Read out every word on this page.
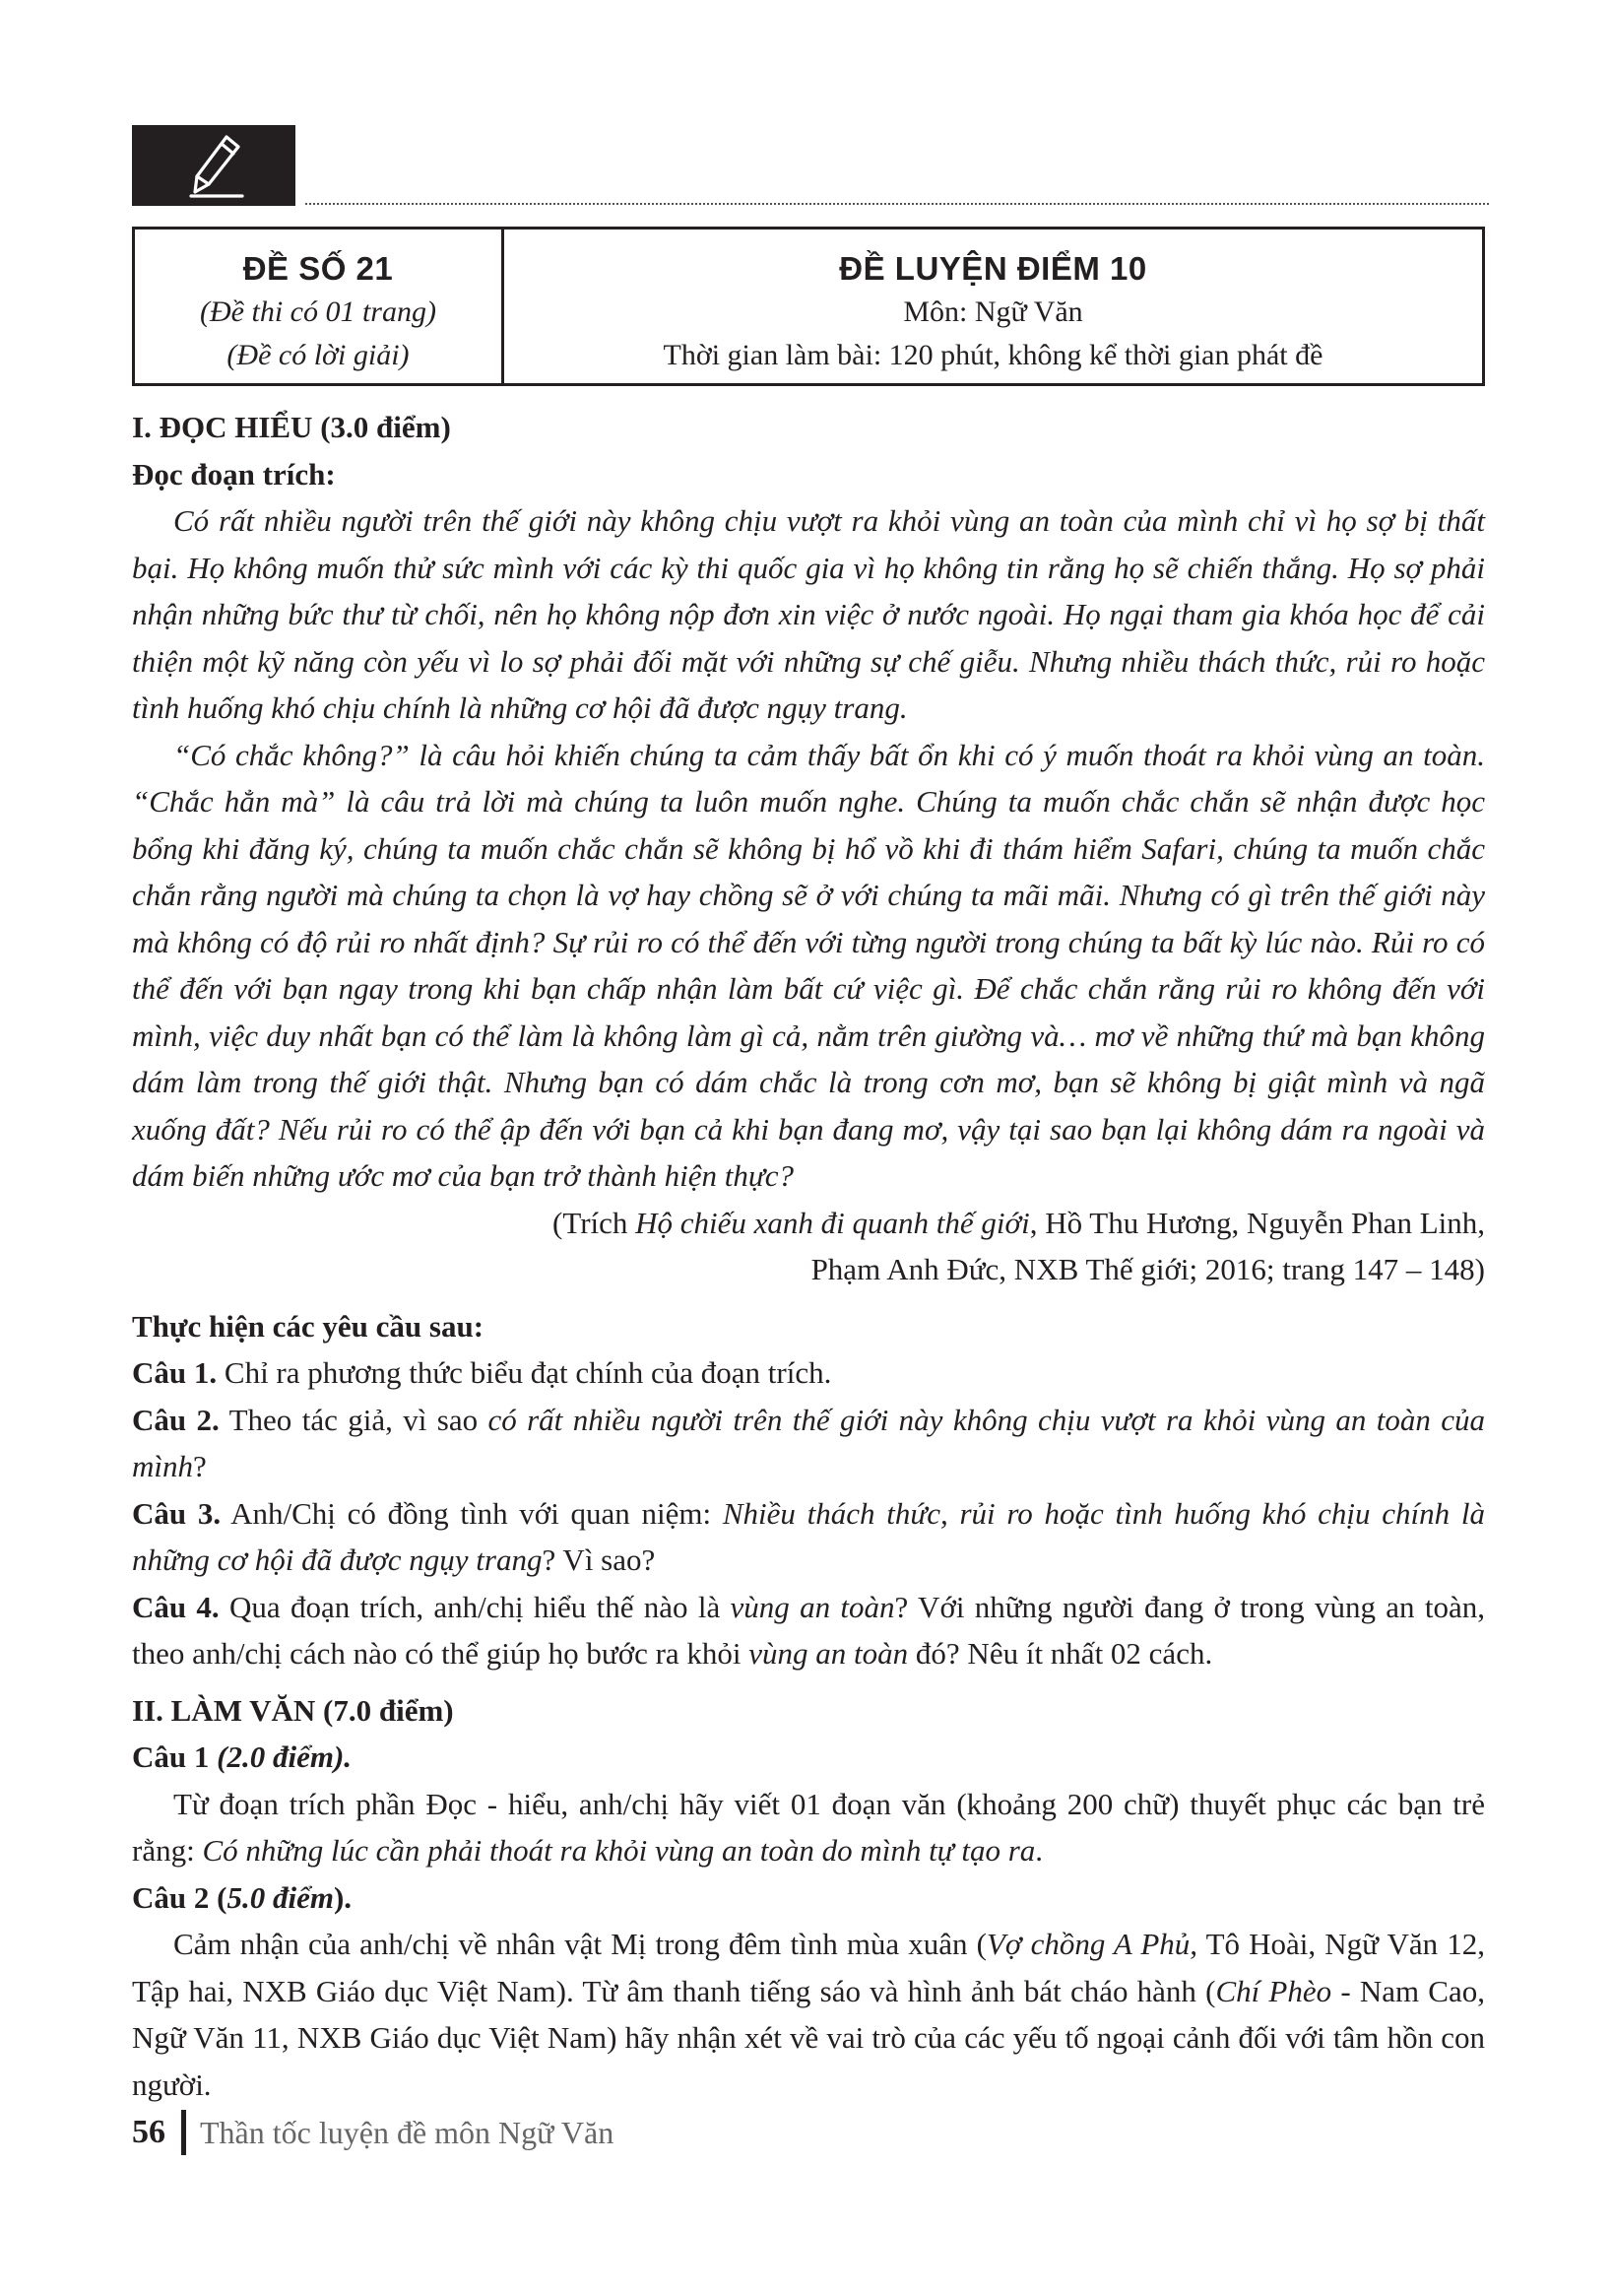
ĐỀ SỐ 21
(Đề thi có 01 trang)
(Đề có lời giải)
ĐỀ LUYỆN ĐIỂM 10
Môn: Ngữ Văn
Thời gian làm bài: 120 phút, không kể thời gian phát đề

I. ĐỌC HIỂU (3.0 điểm)

Đọc đoạn trích:

Có rất nhiều người trên thế giới này không chịu vượt ra khỏi vùng an toàn của mình chỉ vì họ sợ bị thất bại. Họ không muốn thử sức mình với các kỳ thi quốc gia vì họ không tin rằng họ sẽ chiến thắng. Họ sợ phải nhận những bức thư từ chối, nên họ không nộp đơn xin việc ở nước ngoài. Họ ngại tham gia khóa học để cải thiện một kỹ năng còn yếu vì lo sợ phải đối mặt với những sự chế giễu. Nhưng nhiều thách thức, rủi ro hoặc tình huống khó chịu chính là những cơ hội đã được ngụy trang.

“Có chắc không?” là câu hỏi khiến chúng ta cảm thấy bất ổn khi có ý muốn thoát ra khỏi vùng an toàn. “Chắc hẳn mà” là câu trả lời mà chúng ta luôn muốn nghe. Chúng ta muốn chắc chắn sẽ nhận được học bổng khi đăng ký, chúng ta muốn chắc chắn sẽ không bị hổ vồ khi đi thám hiểm Safari, chúng ta muốn chắc chắn rằng người mà chúng ta chọn là vợ hay chồng sẽ ở với chúng ta mãi mãi. Nhưng có gì trên thế giới này mà không có độ rủi ro nhất định? Sự rủi ro có thể đến với từng người trong chúng ta bất kỳ lúc nào. Rủi ro có thể đến với bạn ngay trong khi bạn chấp nhận làm bất cứ việc gì. Để chắc chắn rằng rủi ro không đến với mình, việc duy nhất bạn có thể làm là không làm gì cả, nằm trên giường và… mơ về những thứ mà bạn không dám làm trong thế giới thật. Nhưng bạn có dám chắc là trong cơn mơ, bạn sẽ không bị giật mình và ngã xuống đất? Nếu rủi ro có thể ập đến với bạn cả khi bạn đang mơ, vậy tại sao bạn lại không dám ra ngoài và dám biến những ước mơ của bạn trở thành hiện thực?

(Trích Hộ chiếu xanh đi quanh thế giới, Hồ Thu Hương, Nguyễn Phan Linh,

Phạm Anh Đức, NXB Thế giới; 2016; trang 147 – 148)

Thực hiện các yêu cầu sau:

Câu 1. Chỉ ra phương thức biểu đạt chính của đoạn trích.

Câu 2. Theo tác giả, vì sao có rất nhiều người trên thế giới này không chịu vượt ra khỏi vùng an toàn của mình?

Câu 3. Anh/Chị có đồng tình với quan niệm: Nhiều thách thức, rủi ro hoặc tình huống khó chịu chính là những cơ hội đã được ngụy trang? Vì sao?

Câu 4. Qua đoạn trích, anh/chị hiểu thế nào là vùng an toàn? Với những người đang ở trong vùng an toàn, theo anh/chị cách nào có thể giúp họ bước ra khỏi vùng an toàn đó? Nêu ít nhất 02 cách.

II. LÀM VĂN (7.0 điểm)

Câu 1 (2.0 điểm).

Từ đoạn trích phần Đọc - hiểu, anh/chị hãy viết 01 đoạn văn (khoảng 200 chữ) thuyết phục các bạn trẻ rằng: Có những lúc cần phải thoát ra khỏi vùng an toàn do mình tự tạo ra.

Câu 2 (5.0 điểm).

Cảm nhận của anh/chị về nhân vật Mị trong đêm tình mùa xuân (Vợ chồng A Phủ, Tô Hoài, Ngữ Văn 12, Tập hai, NXB Giáo dục Việt Nam). Từ âm thanh tiếng sáo và hình ảnh bát cháo hành (Chí Phèo - Nam Cao, Ngữ Văn 11, NXB Giáo dục Việt Nam) hãy nhận xét về vai trò của các yếu tố ngoại cảnh đối với tâm hồn con người.

56 Thần tốc luyện đề môn Ngữ Văn
